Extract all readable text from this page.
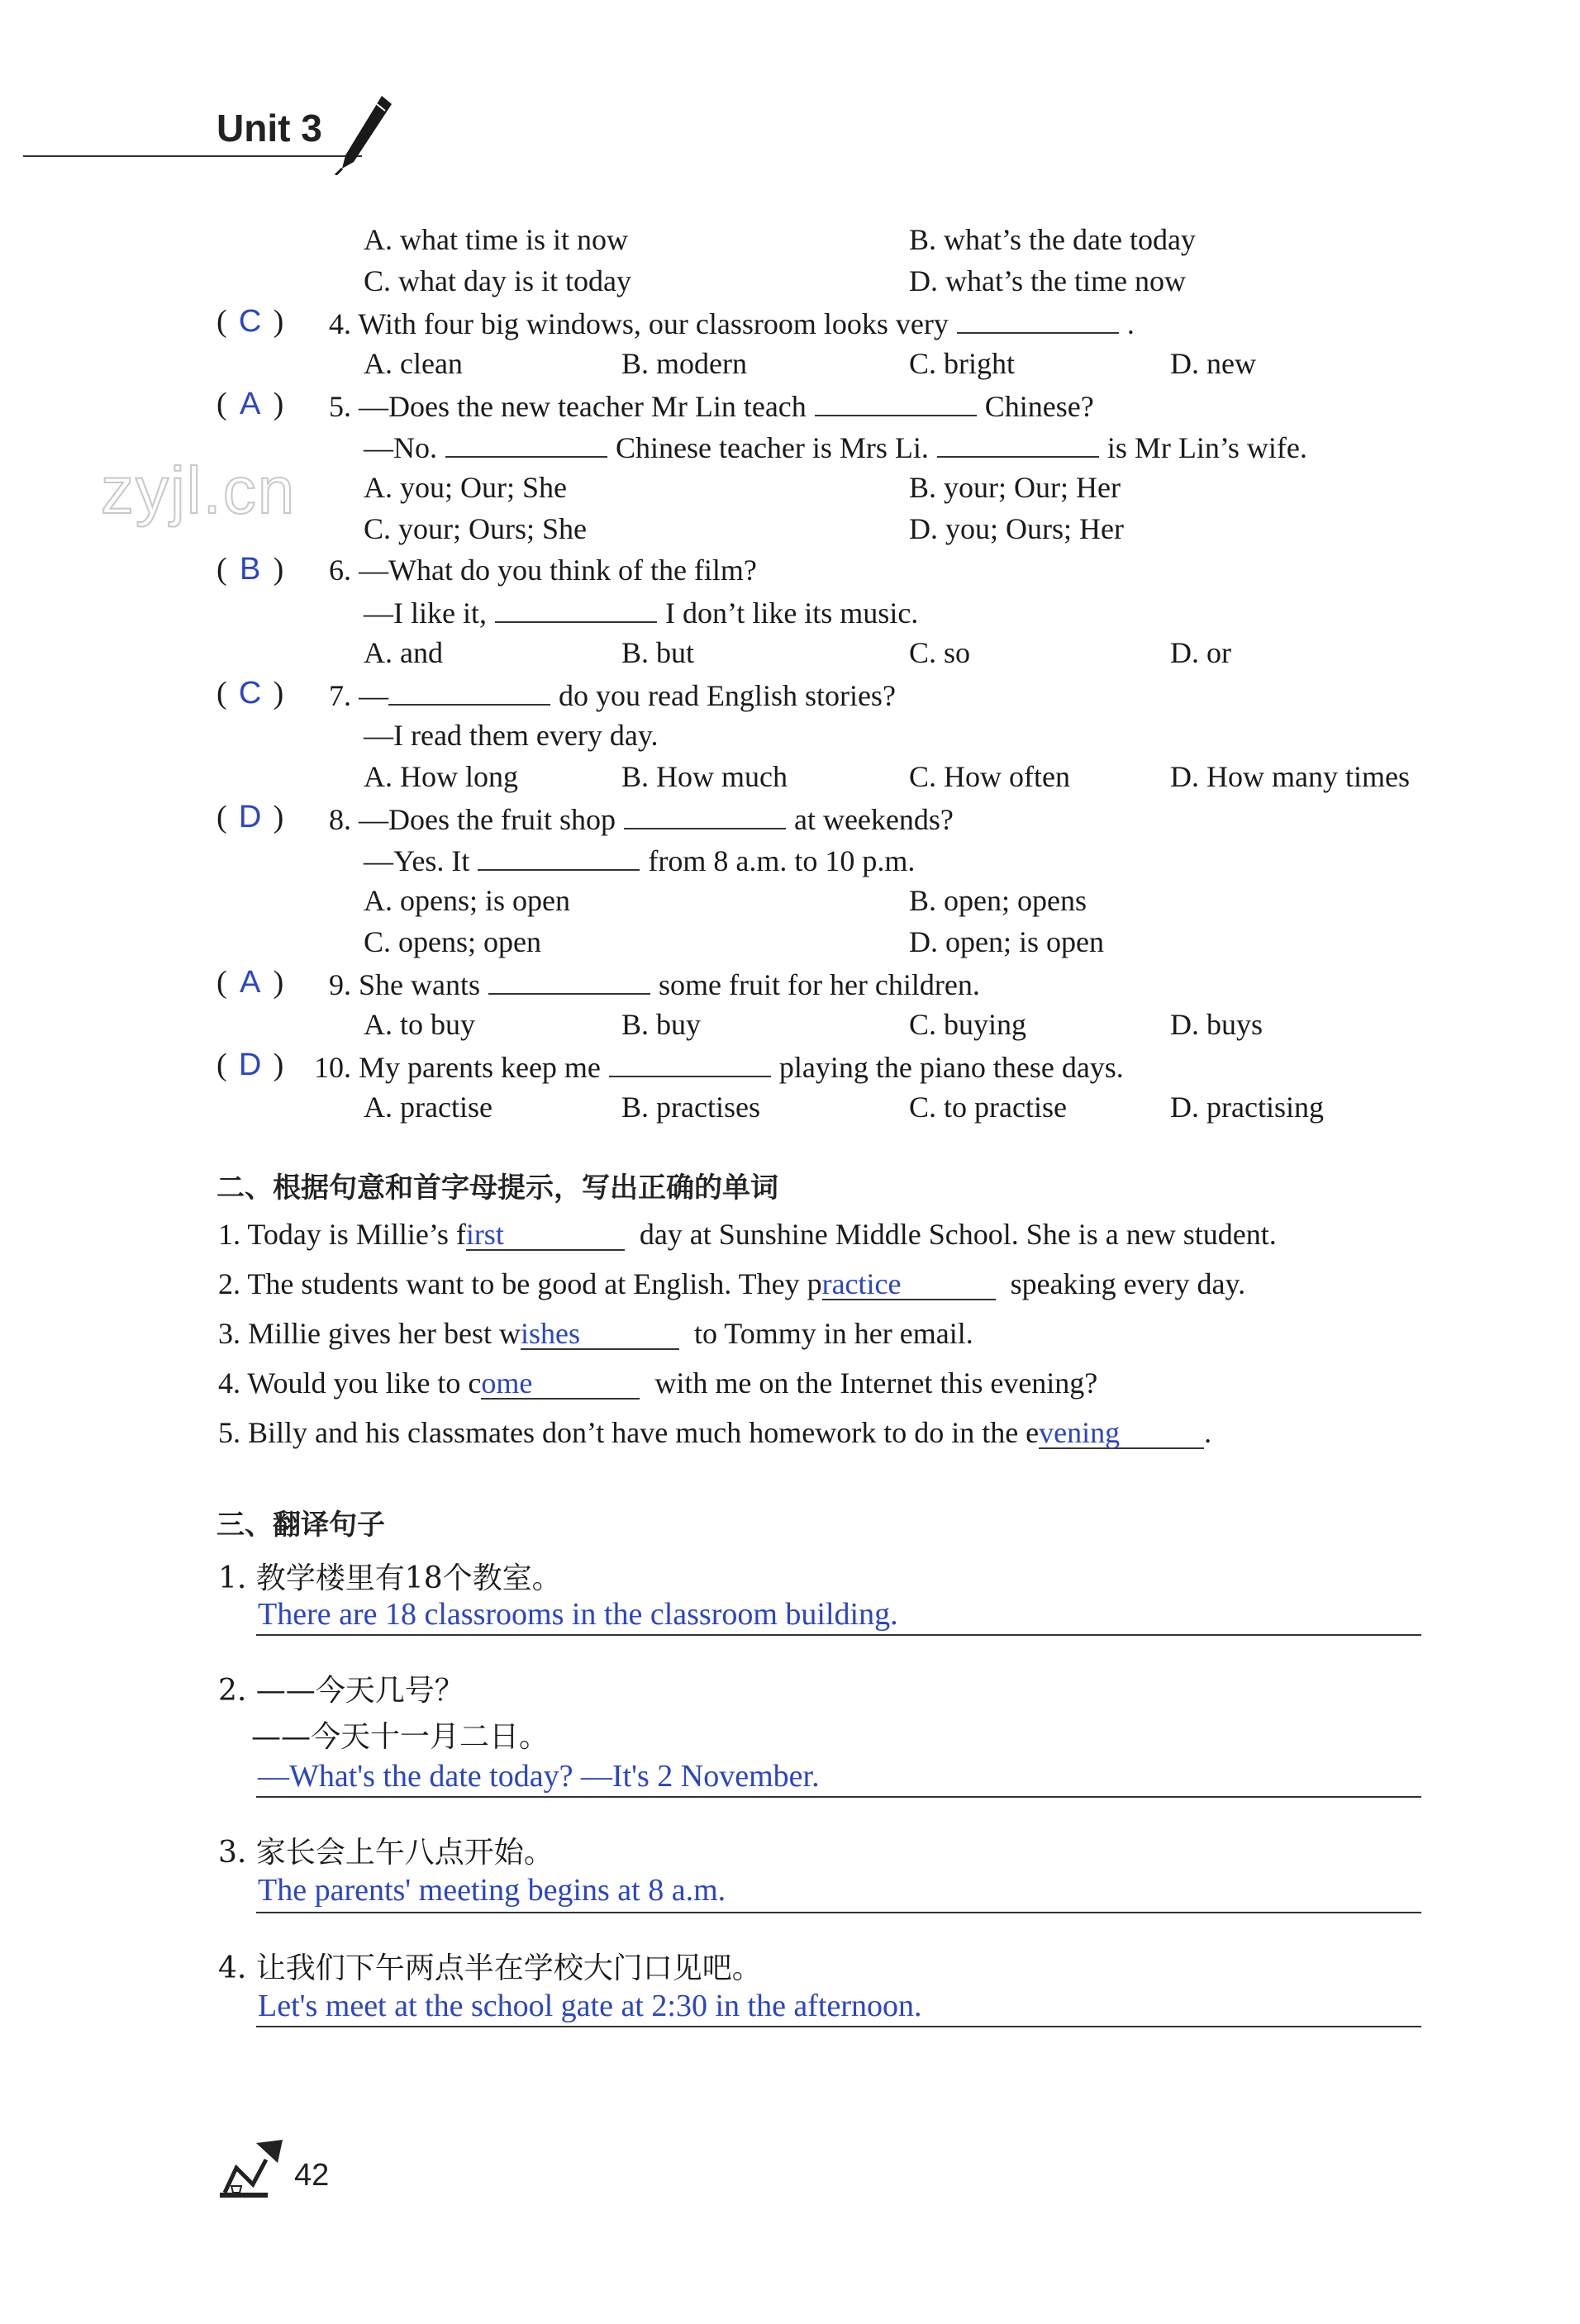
Unit 3
zyjl.cn
A. what time is it now	B. what’s the date today
C. what day is it today	D. what’s the time now
( C ) 4. With four big windows, our classroom looks very	.
A. clean	B. modern	C. bright	D. new
( A ) 5. —Does the new teacher Mr Lin teach	Chinese?
—No.	Chinese teacher is Mrs Li.	is Mr Lin’s wife.
A. you; Our; She	B. your; Our; Her
C. your; Ours; She	D. you; Ours; Her
( B ) 6. —What do you think of the film?
—I like it,	I don’t like its music.
A. and	B. but	C. so	D. or
( C ) 7. —	do you read English stories?
—I read them every day.
A. How long	B. How much	C. How often	D. How many times
( D ) 8. —Does the fruit shop	at weekends?
—Yes. It	from 8 a.m. to 10 p.m.
A. opens; is open	B. open; opens
C. opens; open	D. open; is open
( A ) 9. She wants	some fruit for her children.
A. to buy	B. buy	C. buying	D. buys
( D ) 10. My parents keep me	playing the piano these days.
A. practise	B. practises	C. to practise	D. practising
二、根据句意和首字母提示，写出正确的单词
1. Today is Millie’s first	day at Sunshine Middle School. She is a new student.
2. The students want to be good at English. They practice	speaking every day.
3. Millie gives her best wishes	to Tommy in her email.
4. Would you like to come	with me on the Internet this evening?
5. Billy and his classmates don’t have much homework to do in the evening	.
三、翻译句子
1. 教学楼里有18个教室。
There are 18 classrooms in the classroom building.
2. ——今天几号？
——今天十一月二日。
—What's the date today? —It's 2 November.
3. 家长会上午八点开始。
The parents' meeting begins at 8 a.m.
4. 让我们下午两点半在学校大门口见吧。
Let's meet at the school gate at 2:30 in the afternoon.
42
